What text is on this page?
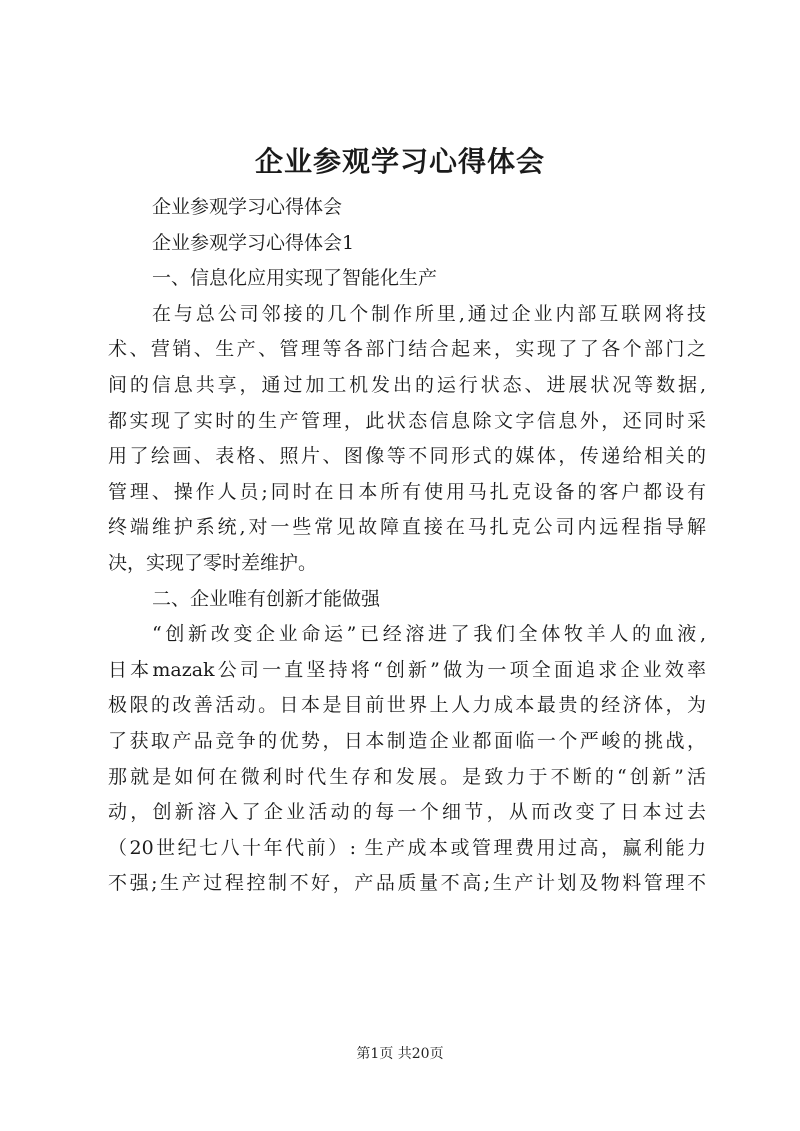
企业参观学习心得体会
企业参观学习心得体会
企业参观学习心得体会1
一、信息化应用实现了智能化生产
在与总公司邻接的几个制作所里,通过企业内部互联网将技
术、营销、生产、管理等各部门结合起来，实现了了各个部门之
间的信息共享，通过加工机发出的运行状态、进展状况等数据,
都实现了实时的生产管理，此状态信息除文字信息外，还同时采
用了绘画、表格、照片、图像等不同形式的媒体，传递给相关的
管理、操作人员;同时在日本所有使用马扎克设备的客户都设有
终端维护系统,对一些常见故障直接在马扎克公司内远程指导解
决，实现了零时差维护。
二、企业唯有创新才能做强
“创新改变企业命运”已经溶进了我们全体牧羊人的血液,
日本mazak公司一直坚持将“创新”做为一项全面追求企业效率
极限的改善活动。日本是目前世界上人力成本最贵的经济体，为
了获取产品竞争的优势，日本制造企业都面临一个严峻的挑战，
那就是如何在微利时代生存和发展。是致力于不断的“创新”活
动，创新溶入了企业活动的每一个细节，从而改变了日本过去
（20世纪七八十年代前）: 生产成本或管理费用过高，赢利能力
不强;生产过程控制不好，产品质量不高;生产计划及物料管理不
第1页 共20页
